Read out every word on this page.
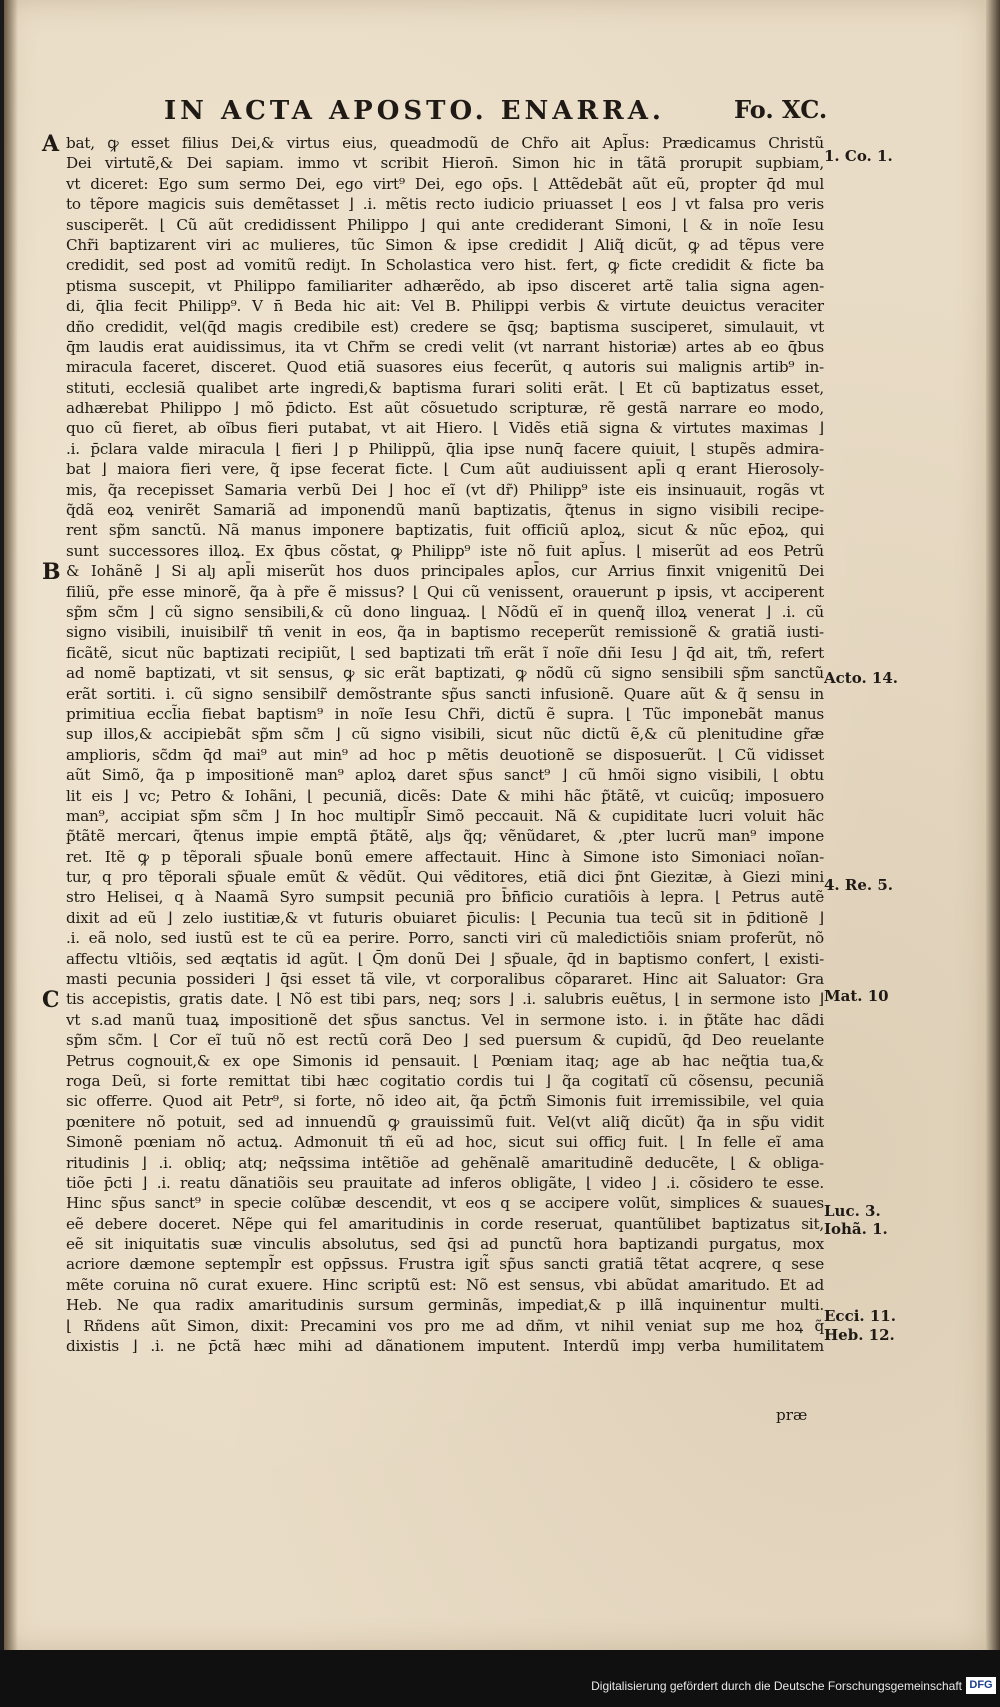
IN ACTA APOSTO. ENARRA.	Fo. XC.
A
B
C
bat, ꝙ esset filius Dei,& virtus eius, queadmodũ de Chr̃o ait Apl̃us: Prædicamus Christũ
Dei virtutẽ,& Dei sapiam. immo vt scribit Hieron̄. Simon hic in tãtã prorupit supbiam,
vt diceret: Ego sum sermo Dei, ego virt⁹ Dei, ego op̄s. ⌊ Attẽdebãt aũt eũ, propter q̄d mul
to tẽpore magicis suis demẽtasset ⌋ .i. mẽtis recto iudicio priuasset ⌊ eos ⌋ vt falsa pro veris
susciperẽt. ⌊ Cũ aũt credidissent Philippo ⌋ qui ante crediderant Simoni, ⌊ & in noĩe Iesu
Chr̃i baptizarent viri ac mulieres, tũc Simon & ipse credidit ⌋ Aliq̃ dicũt, ꝙ ad tẽpus vere
credidit, sed post ad vomitũ rediȷt. In Scholastica vero hist. fert, ꝙ ficte credidit & ficte ba
ptisma suscepit, vt Philippo familiariter adhærẽdo, ab ipso disceret artẽ talia signa agen-
di, q̄lia fecit Philipp⁹. V n̄ Beda hic ait: Vel B. Philippi verbis & virtute deuictus veraciter
dño credidit, vel(q̄d magis credibile est) credere se q̄sq; baptisma susciperet, simulauit, vt
q̄m laudis erat auidissimus, ita vt Chr̃m se credi velit (vt narrant historiæ) artes ab eo q̄bus
miracula faceret, disceret. Quod etiã suasores eius fecerũt, q autoris sui malignis artib⁹ in-
stituti, ecclesiã qualibet arte ingredi,& baptisma furari soliti erãt. ⌊ Et cũ baptizatus esset,
adhærebat Philippo ⌋ mõ p̄dicto. Est aũt cõsuetudo scripturæ, rẽ gestã narrare eo modo,
quo cũ fieret, ab oĩbus fieri putabat, vt ait Hiero. ⌊ Vidẽs etiã signa & virtutes maximas ⌋
.i. p̄clara valde miracula ⌊ fieri ⌋ p Philippũ, q̄lia ipse nunq̄ facere quiuit, ⌊ stupẽs admira-
bat ⌋ maiora fieri vere, q̃ ipse fecerat ficte. ⌊ Cum aũt audiuissent apl̄i q erant Hierosoly-
mis, q̃a recepisset Samaria verbũ Dei ⌋ hoc eĩ (vt dr̃) Philipp⁹ iste eis insinuauit, rogãs vt
q̃dã eoꝝ venirẽt Samariã ad imponendũ manũ baptizatis, q̃tenus in signo visibili recipe-
rent sp̃m sanctũ. Nã manus imponere baptizatis, fuit officiũ aploꝝ, sicut & nũc ep̄oꝝ, qui
sunt successores illoꝝ. Ex q̄bus cõstat, ꝙ Philipp⁹ iste nõ fuit apl̃us. ⌊ miserũt ad eos Petrũ
& Iohãnẽ ⌋ Si alȷ apl̄i miserũt hos duos principales apl̄os, cur Arrius finxit vnigenitũ Dei
filiũ, pr̃e esse minorẽ, q̃a à pr̃e ẽ missus? ⌊ Qui cũ venissent, orauerunt p ipsis, vt acciperent
sp̃m sc̃m ⌋ cũ signo sensibili,& cũ dono linguaꝝ. ⌊ Nõdũ eĩ in quenq̃ illoꝝ venerat ⌋ .i. cũ
signo visibili, inuisibilr̃ tñ venit in eos, q̃a in baptismo receperũt remissionẽ & gratiã iusti-
ficãtẽ, sicut nũc baptizati recipiũt, ⌊ sed baptizati tm̃ erãt ĩ noĩe dñi Iesu ⌋ q̄d ait, tm̃, refert
ad nomẽ baptizati, vt sit sensus, ꝙ sic erãt baptizati, ꝙ nõdũ cũ signo sensibili sp̃m sanctũ
erãt sortiti. i. cũ signo sensibilr̃ demõstrante sp̃us sancti infusionẽ. Quare aũt & q̃ sensu in
primitiua eccl̃ia fiebat baptism⁹ in noĩe Iesu Chr̃i, dictũ ẽ supra. ⌊ Tũc imponebãt manus
sup illos,& accipiebãt sp̃m sc̃m ⌋ cũ signo visibili, sicut nũc dictũ ẽ,& cũ plenitudine gr̃æ
amplioris, sc̃dm q̄d mai⁹ aut min⁹ ad hoc p mẽtis deuotionẽ se disposuerũt. ⌊ Cũ vidisset
aũt Simõ, q̃a p impositionẽ man⁹ aploꝝ daret sp̃us sanct⁹ ⌋ cũ hmõi signo visibili, ⌊ obtu
lit eis ⌋ vc; Petro & Iohãni, ⌊ pecuniã, dicẽs: Date & mihi hãc p̃tãtẽ, vt cuicũq; imposuero
man⁹, accipiat sp̃m sc̃m ⌋ In hoc multipl̃r Simõ peccauit. Nã & cupiditate lucri voluit hãc
p̃tãtẽ mercari, q̃tenus impie emptã p̃tãtẽ, alȷs q̃q; vẽnũdaret, & ,pter lucrũ man⁹ impone
ret. Itẽ ꝙ p tẽporali sp̃uale bonũ emere affectauit. Hinc à Simone isto Simoniaci noĩan-
tur, q pro tẽporali sp̃uale emũt & vẽdũt. Qui vẽditores, etiã dici p̃nt Giezitæ, à Giezi mini
stro Helisei, q à Naamã Syro sumpsit pecuniã pro b̄n̄ficio curatiõis à lepra. ⌊ Petrus autẽ
dixit ad eũ ⌋ zelo iustitiæ,& vt futuris obuiaret p̄iculis: ⌊ Pecunia tua tecũ sit in p̄ditionẽ ⌋
.i. eã nolo, sed iustũ est te cũ ea perire. Porro, sancti viri cũ maledictiõis sniam proferũt, nõ
affectu vltiõis, sed æqtatis id agũt. ⌊ Q̄m donũ Dei ⌋ sp̃uale, q̄d in baptismo confert, ⌊ existi-
masti pecunia possideri ⌋ q̄si esset tã vile, vt corporalibus cõpararet. Hinc ait Saluator: Gra
tis accepistis, gratis date. ⌊ Nõ est tibi pars, neq; sors ⌋ .i. salubris euẽtus, ⌊ in sermone isto ⌋
vt s.ad manũ tuaꝝ impositionẽ det sp̃us sanctus. Vel in sermone isto. i. in p̃tãte hac dãdi
sp̃m sc̃m. ⌊ Cor eĩ tuũ nõ est rectũ corã Deo ⌋ sed puersum & cupidũ, q̄d Deo reuelante
Petrus cognouit,& ex ope Simonis id pensauit. ⌊ Pœniam itaq; age ab hac neq̃tia tua,&
roga Deũ, si forte remittat tibi hæc cogitatio cordis tui ⌋ q̃a cogitatĩ cũ cõsensu, pecuniã
sic offerre. Quod ait Petr⁹, si forte, nõ ideo ait, q̃a p̄ctm̃ Simonis fuit irremissibile, vel quia
pœnitere nõ potuit, sed ad innuendũ ꝙ grauissimũ fuit. Vel(vt aliq̃ dicũt) q̃a in sp̃u vidit
Simonẽ pœniam nõ actuꝝ. Admonuit tñ eũ ad hoc, sicut sui officȷ fuit. ⌊ In felle eĩ ama
ritudinis ⌋ .i. obliq; atq; neq̄ssima intẽtiõe ad gehẽnalẽ amaritudinẽ deducẽte, ⌊ & obliga-
tiõe p̄cti ⌋ .i. reatu dãnatiõis seu prauitate ad inferos obligãte, ⌊ video ⌋ .i. cõsidero te esse.
Hinc sp̃us sanct⁹ in specie colũbæ descendit, vt eos q se accipere volũt, simplices & suaues
eẽ debere doceret. Nẽpe qui fel amaritudinis in corde reseruat, quantũlibet baptizatus sit,
eẽ sit iniquitatis suæ vinculis absolutus, sed q̄si ad punctũ hora baptizandi purgatus, mox
acriore dæmone septempl̃r est opp̄ssus. Frustra igit̃ sp̃us sancti gratiã tẽtat acqrere, q sese
mẽte coruina nõ curat exuere. Hinc scriptũ est: Nõ est sensus, vbi abũdat amaritudo. Et ad
Heb. Ne qua radix amaritudinis sursum germinãs, impediat,& p illã inquinentur multi.
⌊ Rñdens aũt Simon, dixit: Precamini vos pro me ad dñm, vt nihil veniat sup me hoꝝ q̃
dixistis ⌋ .i. ne p̄ctã hæc mihi ad dãnationem imputent. Interdũ impȷ verba humilitatem
1. Co. 1.
Acto. 14.
4. Re. 5.
Mat. 10
Luc. 3.
Iohã. 1.
Ecci. 11.
Heb. 12.
præ
Digitalisierung gefördert durch die Deutsche Forschungsgemeinschaft DFG
